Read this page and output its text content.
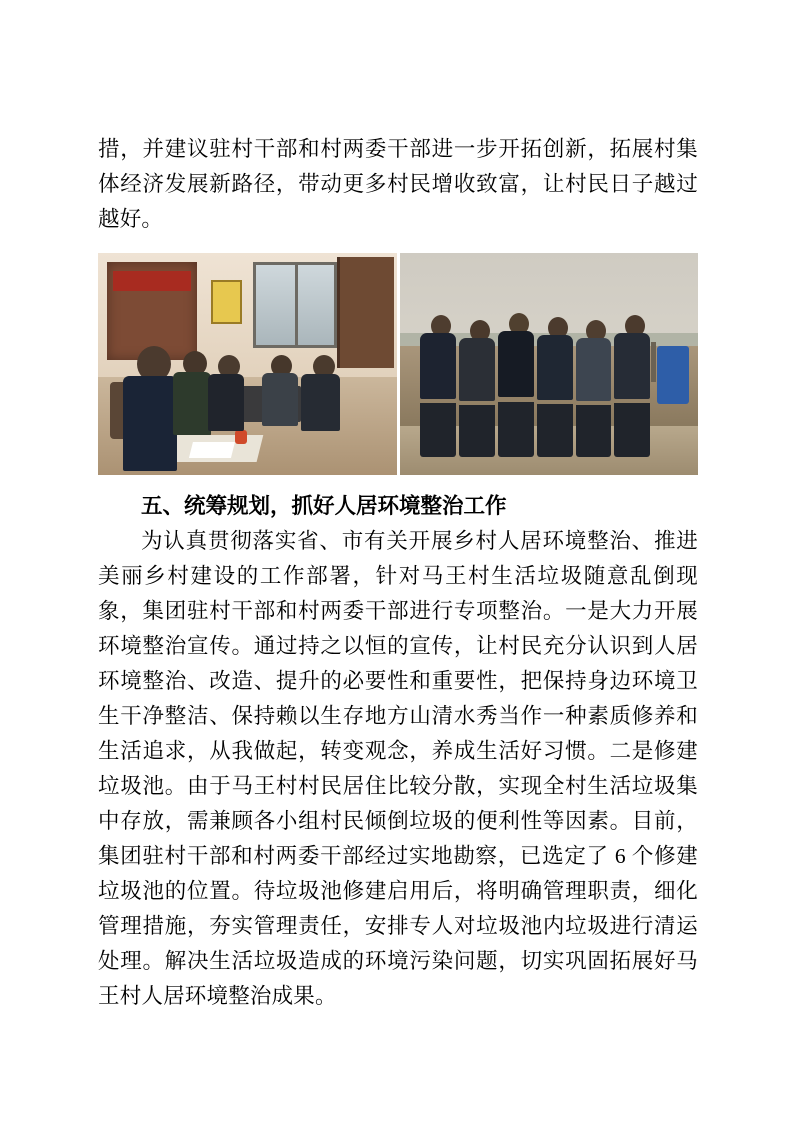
措，并建议驻村干部和村两委干部进一步开拓创新，拓展村集体经济发展新路径，带动更多村民增收致富，让村民日子越过越好。

五、统筹规划，抓好人居环境整治工作

为认真贯彻落实省、市有关开展乡村人居环境整治、推进美丽乡村建设的工作部署，针对马王村生活垃圾随意乱倒现象，集团驻村干部和村两委干部进行专项整治。一是大力开展环境整治宣传。通过持之以恒的宣传，让村民充分认识到人居环境整治、改造、提升的必要性和重要性，把保持身边环境卫生干净整洁、保持赖以生存地方山清水秀当作一种素质修养和生活追求，从我做起，转变观念，养成生活好习惯。二是修建垃圾池。由于马王村村民居住比较分散，实现全村生活垃圾集中存放，需兼顾各小组村民倾倒垃圾的便利性等因素。目前，集团驻村干部和村两委干部经过实地勘察，已选定了 6 个修建垃圾池的位置。待垃圾池修建启用后，将明确管理职责，细化管理措施，夯实管理责任，安排专人对垃圾池内垃圾进行清运处理。解决生活垃圾造成的环境污染问题，切实巩固拓展好马王村人居环境整治成果。
